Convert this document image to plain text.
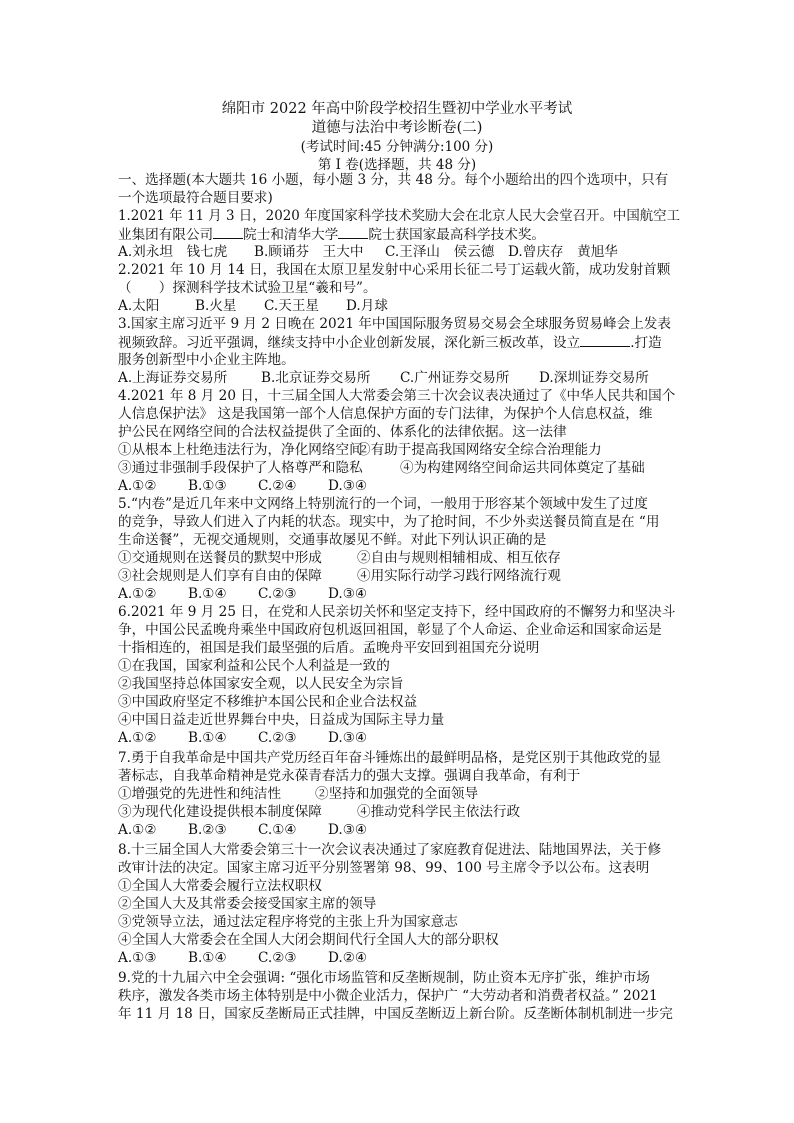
绵阳市 2022 年高中阶段学校招生暨初中学业水平考试
道德与法治中考诊断卷(二)
(考试时间:45 分钟满分:100 分)
第 I 卷(选择题，共 48 分)
一、选择题(本大题共 16 小题，每小题 3 分，共 48 分。每个小题给出的四个选项中，只有
一个选项最符合题目要求)
1.2021 年 11 月 3 日，2020 年度国家科学技术奖励大会在北京人民大会堂召开。中国航空工
业集团有限公司 院士和清华大学 院士获国家最高科学技术奖。
A.刘永坦　钱七虎 B.顾诵芬　王大中 C.王泽山　侯云德 D.曾庆存　黄旭华
2.2021 年 10 月 14 日，我国在太原卫星发射中心采用长征二号丁运载火箭，成功发射首颗
（　　）探测科学技术试验卫星“羲和号”。
A.太阳	B.火星 C.天王星 D.月球
3.国家主席习近平 9 月 2 日晚在 2021 年中国国际服务贸易交易会全球服务贸易峰会上发表
视频致辞。习近平强调，继续支持中小企业创新发展，深化新三板改革，设立	.打造
服务创新型中小企业主阵地。
A.上海证券交易所 B.北京证券交易所 C.广州证券交易所 D.深圳证券交易所
4.2021 年 8 月 20 日，十三届全国人大常委会第三十次会议表决通过了《中华人民共和国个
人信息保护法》 这是我国第一部个人信息保护方面的专门法律，为保护个人信息权益，维
护公民在网络空间的合法权益提供了全面的、体系化的法律依据。这一法律
①从根本上杜绝违法行为，净化网络空间②有助于提高我国网络安全综合治理能力
③通过非强制手段保护了人格尊严和隐私	④为构建网络空间命运共同体奠定了基础
A.①② B.①③ C.②④ D.③④
5.“内卷”是近几年来中文网络上特别流行的一个词，一般用于形容某个领域中发生了过度
的竞争，导致人们进入了内耗的状态。现实中，为了抢时间，不少外卖送餐员简直是在 “用
生命送餐”，无视交通规则，交通事故屡见不鲜。对此下列认识正确的是
①交通规则在送餐员的默契中形成	②自由与规则相辅相成、相互依存
③社会规则是人们享有自由的保障	④用实际行动学习践行网络流行观
A.①② B.①④ C.②③ D.③④
6.2021 年 9 月 25 日，在党和人民亲切关怀和坚定支持下，经中国政府的不懈努力和坚决斗
争，中国公民孟晚舟乘坐中国政府包机返回祖国，彰显了个人命运、企业命运和国家命运是
十指相连的，祖国是我们最坚强的后盾。孟晚舟平安回到祖国充分说明
①在我国，国家利益和公民个人利益是一致的
②我国坚持总体国家安全观，以人民安全为宗旨
③中国政府坚定不移维护本国公民和企业合法权益
④中国日益走近世界舞台中央，日益成为国际主导力量
A.①② B.①④ C.②③ D.③④
7.勇于自我革命是中国共产党历经百年奋斗锤炼出的最鲜明品格，是党区别于其他政党的显
著标志，自我革命精神是党永葆青春活力的强大支撑。强调自我革命，有利于
①增强党的先进性和纯洁性 ②坚持和加强党的全面领导
③为现代化建设提供根本制度保障	④推动党科学民主依法行政
A.①② B.②③ C.①④ D.③④
8.十三届全国人大常委会第三十一次会议表决通过了家庭教育促进法、陆地国界法，关于修
改审计法的决定。国家主席习近平分别签署第 98、99、100 号主席令予以公布。这表明
①全国人大常委会履行立法权职权
②全国人大及其常委会接受国家主席的领导
③党领导立法，通过法定程序将党的主张上升为国家意志
④全国人大常委会在全国人大闭会期间代行全国人大的部分职权
A.①③ B.①④ C.②③ D.②④
9.党的十九届六中全会强调: “强化市场监管和反垄断规制，防止资本无序扩张，维护市场
秩序，激发各类市场主体特别是中小微企业活力，保护广 “大劳动者和消费者权益。” 2021
年 11 月 18 日，国家反垄断局正式挂牌，中国反垄断迈上新台阶。反垄断体制机制进一步完
